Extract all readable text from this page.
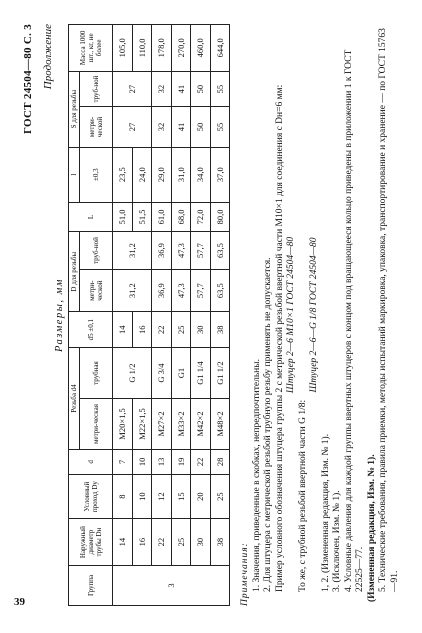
39
ГОСТ 24504—80 С. 3 Продолжение
Размеры, мм
Группа	Наружный диаметр трубы Dн	Условный проход Dу	d	Резьба d4		d5 ±0,1	D для резьбы		L	l	S для резьбы		Масса 1000 шт., кг, не более
				метри-ческая	трубная		метри-ческой	труб-ной		±0,3	метри-ческой	труб-ной	
3	14	8	7	M20×1,5	G 1/2	14	31,2	31,2	51,0	23,5	27	27	105,0
	16	10	10	M22×1,5		16			51,5	24,0			110,0
	22	12	13	M27×2	G 3/4	22	36,9	36,9	61,0	29,0	32	32	178,0
	25	15	19	M33×2	G1	25	47,3	47,3	68,0	31,0	41	41	270,0
	30	20	22	M42×2	G1 1/4	30	57,7	57,7	72,0	34,0	50	50	460,0
	38	25	28	M48×2	G1 1/2	38	63,5	63,5	80,0	37,0	55	55	644,0

Примечания: 1. Значения, приведенные в скобках, непредпочтительны. 2. Для штуцера с метрической резьбой трубную резьбу применять не допускается. Пример условного обозначения штуцера группы 2 с метрической резьбой ввертной части M10×1 для соединения с Dн=6 мм: Штуцер 2—6 M10×1 ГОСТ 24504—80

То же, с трубной резьбой ввертной части G 1/8:

Штуцер 2—6—G 1/8 ГОСТ 24504—80

1, 2. (Измененная редакция, Изм. № 1). 3. (Исключен, Изм. № 1). 4. Условные давления для каждой группы ввертных штуцеров с концом под вращающееся кольцо приведены в приложении 1 к ГОСТ 22525—77. (Измененная редакция, Изм. № 1). 5. Технические требования, правила приемки, методы испытаний маркировка, упаковка, транспортирование и хранение — по ГОСТ 15763—91.
